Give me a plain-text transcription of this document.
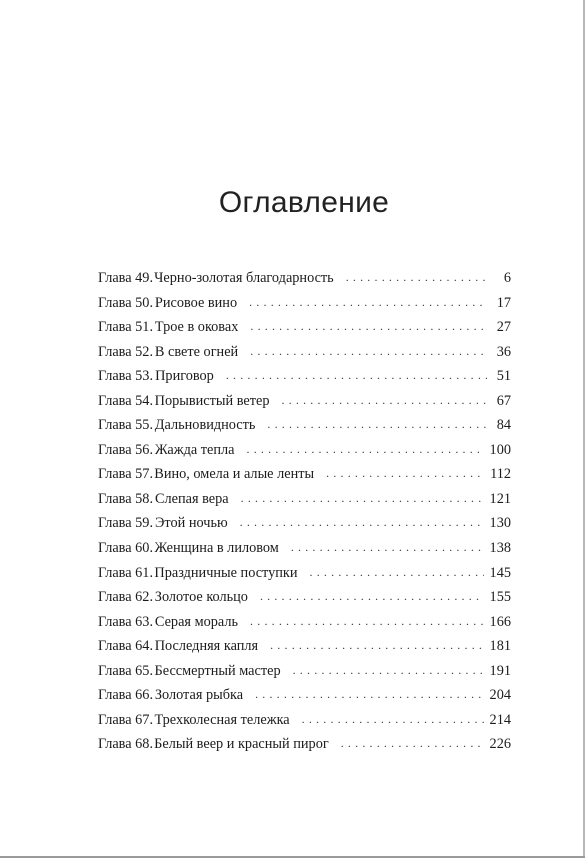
Оглавление
Глава 49. Черно-золотая благодарность . . .	6
Глава 50. Рисовое вино . . .	17
Глава 51. Трое в оковах . . .	27
Глава 52. В свете огней . . .	36
Глава 53. Приговор . . .	51
Глава 54. Порывистый ветер . . .	67
Глава 55. Дальновидность . . .	84
Глава 56. Жажда тепла . . .	100
Глава 57. Вино, омела и алые ленты . . .	112
Глава 58. Слепая вера . . .	121
Глава 59. Этой ночью . . .	130
Глава 60. Женщина в лиловом . . .	138
Глава 61. Праздничные поступки . . .	145
Глава 62. Золотое кольцо . . .	155
Глава 63. Серая мораль . . .	166
Глава 64. Последняя капля . . .	181
Глава 65. Бессмертный мастер . . .	191
Глава 66. Золотая рыбка . . .	204
Глава 67. Трехколесная тележка . . .	214
Глава 68. Белый веер и красный пирог . . .	226
